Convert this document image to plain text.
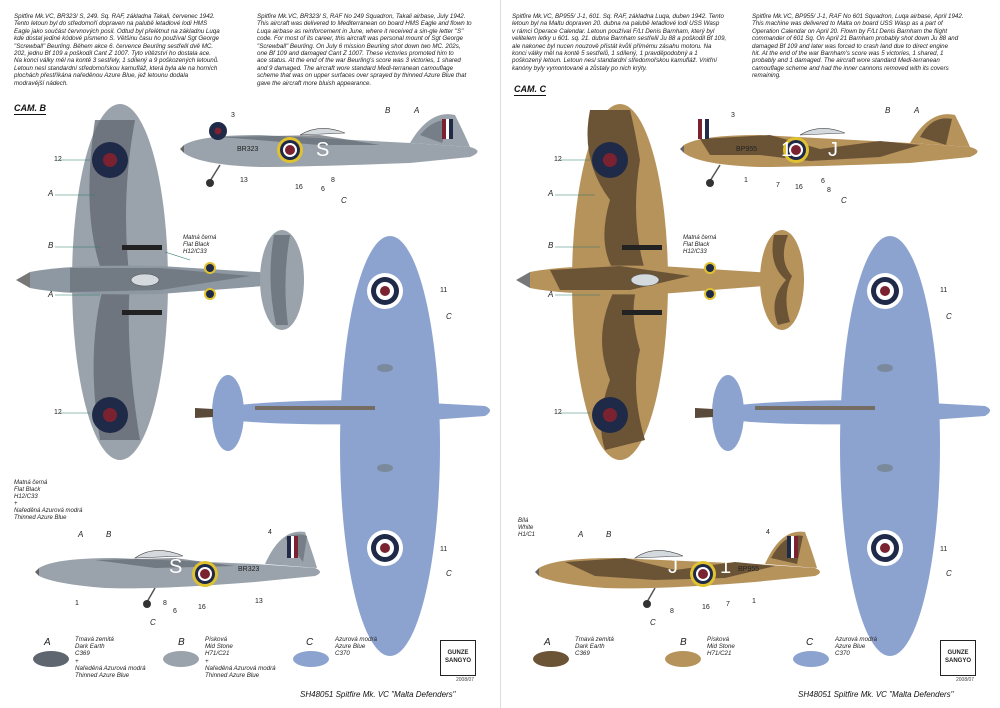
Spitfire Mk.VC, BR323/ S, 249. Sq. RAF, základna Takali, červenec 1942.
Tento letoun byl do středomoří dopraven na palubě letadlové lodi HMS
Eagle jako součást červnových posil. Odtud byl přelétnut na základnu Luqa
kde dostal jediné kódové písmeno S. Většinu času ho používal Sgt George
"Screwball" Beurling. Během akce 6. července Beurling sestřelil dvě MC.
202, jednu Bf 109 a poškodil Cant Z 1007. Tyto vítězství ho dostala ace.
Na konci války měl na kontě 3 sestřely, 1 sdílený a 9 poškozených letounů.
Letoun nesl standardní středomořskou kamufláž, která byla ale na horních
plochách přestříkána naředěnou Azure Blue, jež letounu dodala
modravější nádech.
Spitfire Mk.VC, BR323/ S, RAF No 249 Squadron, Takali airbase, July 1942.
This aircraft was delivered to Mediterranean on board HMS Eagle and flown to
Luqa airbase as reinforcement in June, where it received a sin-gle letter "S"
code. For most of its career, this aircraft was personal mount of Sgt George
"Screwball" Beurling. On July 6 mission Beurling shot down two MC. 202s,
one Bf 109 and damaged Cant Z 1007. These victories promoted him to
ace status. At the end of the war Beurling's score was 3 victories, 1 shared
and 9 damaged. The aircraft wore standard Medi-terranean camouflage
scheme that was on upper surfaces over sprayed by thinned Azure Blue that
gave the aircraft more bluish appearance.
CAM. B
12
A
B
A
12
Matná černá
Flat Black
H12/C33
S
BR323
3
B	A
13
16	6
8
C
11
C
11
C
S	BR323
Matná černá
Flat Black
H12/C33
+
Naředěná Azurová modrá
Thinned Azure Blue
A	B	4
1	8
6
16
13
C
A	Tmavá zemitá
Dark Earth
C369
+
Naředěná Azurová modrá
Thinned Azure Blue
B	Písková
Mid Stone
H71/C21
+
Naředěná Azurová modrá
Thinned Azure Blue
C	Azurová modrá
Azure Blue
C370	GUNZE
SANGYO
2008/07
SH48051 Spitfire Mk. VC "Malta Defenders"
Spitfire Mk.VC, BP955/ J-1, 601. Sq. RAF, základna Luqa, duben 1942. Tento
letoun byl na Maltu dopraven 20. dubna na palubě letadlové lodi USS Wasp
v rámci Operace Calendar. Letoun používal F/Lt Denis Barnham, který byl
velitelem letky u 601. sq. 21. dubna Barnham sestřelil Ju 88 a poškodil Bf 109,
ale nakonec byl nucen nouzově přistát kvůli přímému zásahu motoru. Na
konci války měl na kontě 5 sestřelů, 1 sdílený, 1 pravděpodobný a 1
poškozený letoun. Letoun nesl standardní středomořskou kamufláž. Vnitřní
kanóny byly vymontované a zůstaly po nich krýty.
Spitfire Mk.VC, BP955/ J-1, RAF No 601 Squadron, Luqa airbase, April 1942.
This machine was delivered to Malta on board USS Wasp as a part of
Operation Calendar on April 20. Flown by F/Lt Denis Barnham the flight
commander of 601 Sq. On April 21 Barnham probably shot down Ju 88 and
damaged Bf 109 and later was forced to crash land due to direct engine
hit. At the end of the war Barnham's score was 5 victories, 1 shared, 1
probably and 1 damaged. The aircraft wore standard Medi-terranean
camouflage scheme and had the inner cannons removed with its covers
remaining.
CAM. C
12
A
B
A
12
Matná černá
Flat Black
H12/C33
J
1
BP955
3
B	A
1
7 16
6
8
C
11
C
11
C
J 1 BP955
Bílá
White
H1/C1	A	B	4
8
16 7	1
C
A	Tmavá zemitá
Dark Earth
C369
B	Písková
Mid Stone
H71/C21
C	Azurová modrá
Azure Blue
C370	GUNZE
SANGYO
2008/07
SH48051 Spitfire Mk. VC "Malta Defenders"
